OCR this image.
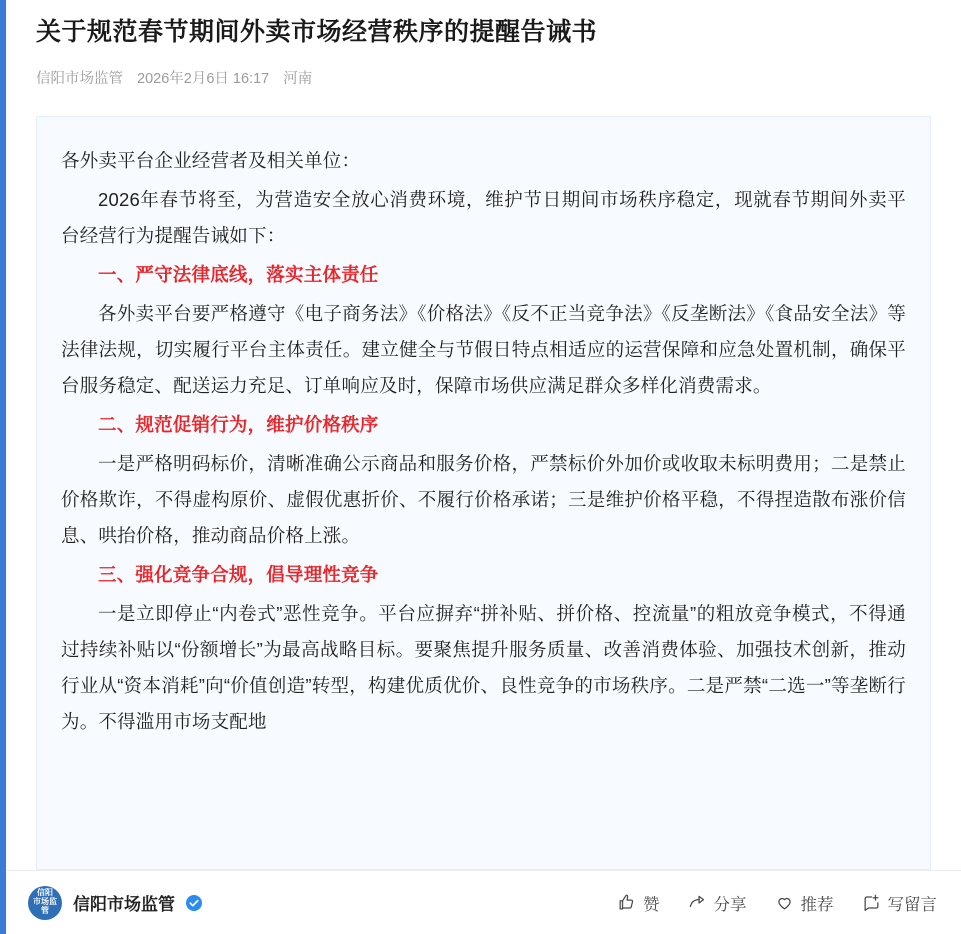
关于规范春节期间外卖市场经营秩序的提醒告诫书
信阳市场监管 2026年2月6日 16:17 河南

各外卖平台企业经营者及相关单位：

2026年春节将至，为营造安全放心消费环境，维护节日期间市场秩序稳定，现就春节期间外卖平台经营行为提醒告诫如下：

一、严守法律底线，落实主体责任

各外卖平台要严格遵守《电子商务法》《价格法》《反不正当竞争法》《反垄断法》《食品安全法》等法律法规，切实履行平台主体责任。建立健全与节假日特点相适应的运营保障和应急处置机制，确保平台服务稳定、配送运力充足、订单响应及时，保障市场供应满足群众多样化消费需求。

二、规范促销行为，维护价格秩序

一是严格明码标价，清晰准确公示商品和服务价格，严禁标价外加价或收取未标明费用；二是禁止价格欺诈，不得虚构原价、虚假优惠折价、不履行价格承诺；三是维护价格平稳，不得捏造散布涨价信息、哄抬价格，推动商品价格上涨。

三、强化竞争合规，倡导理性竞争

一是立即停止“内卷式”恶性竞争。平台应摒弃“拼补贴、拼价格、控流量”的粗放竞争模式，不得通过持续补贴以“份额增长”为最高战略目标。要聚焦提升服务质量、改善消费体验、加强技术创新，推动行业从“资本消耗”向“价值创造”转型，构建优质优价、良性竞争的市场秩序。二是严禁“二选一”等垄断行为。不得滥用市场支配地

信阳
市场监管	信阳市场监管	赞	分享	推荐	写留言
